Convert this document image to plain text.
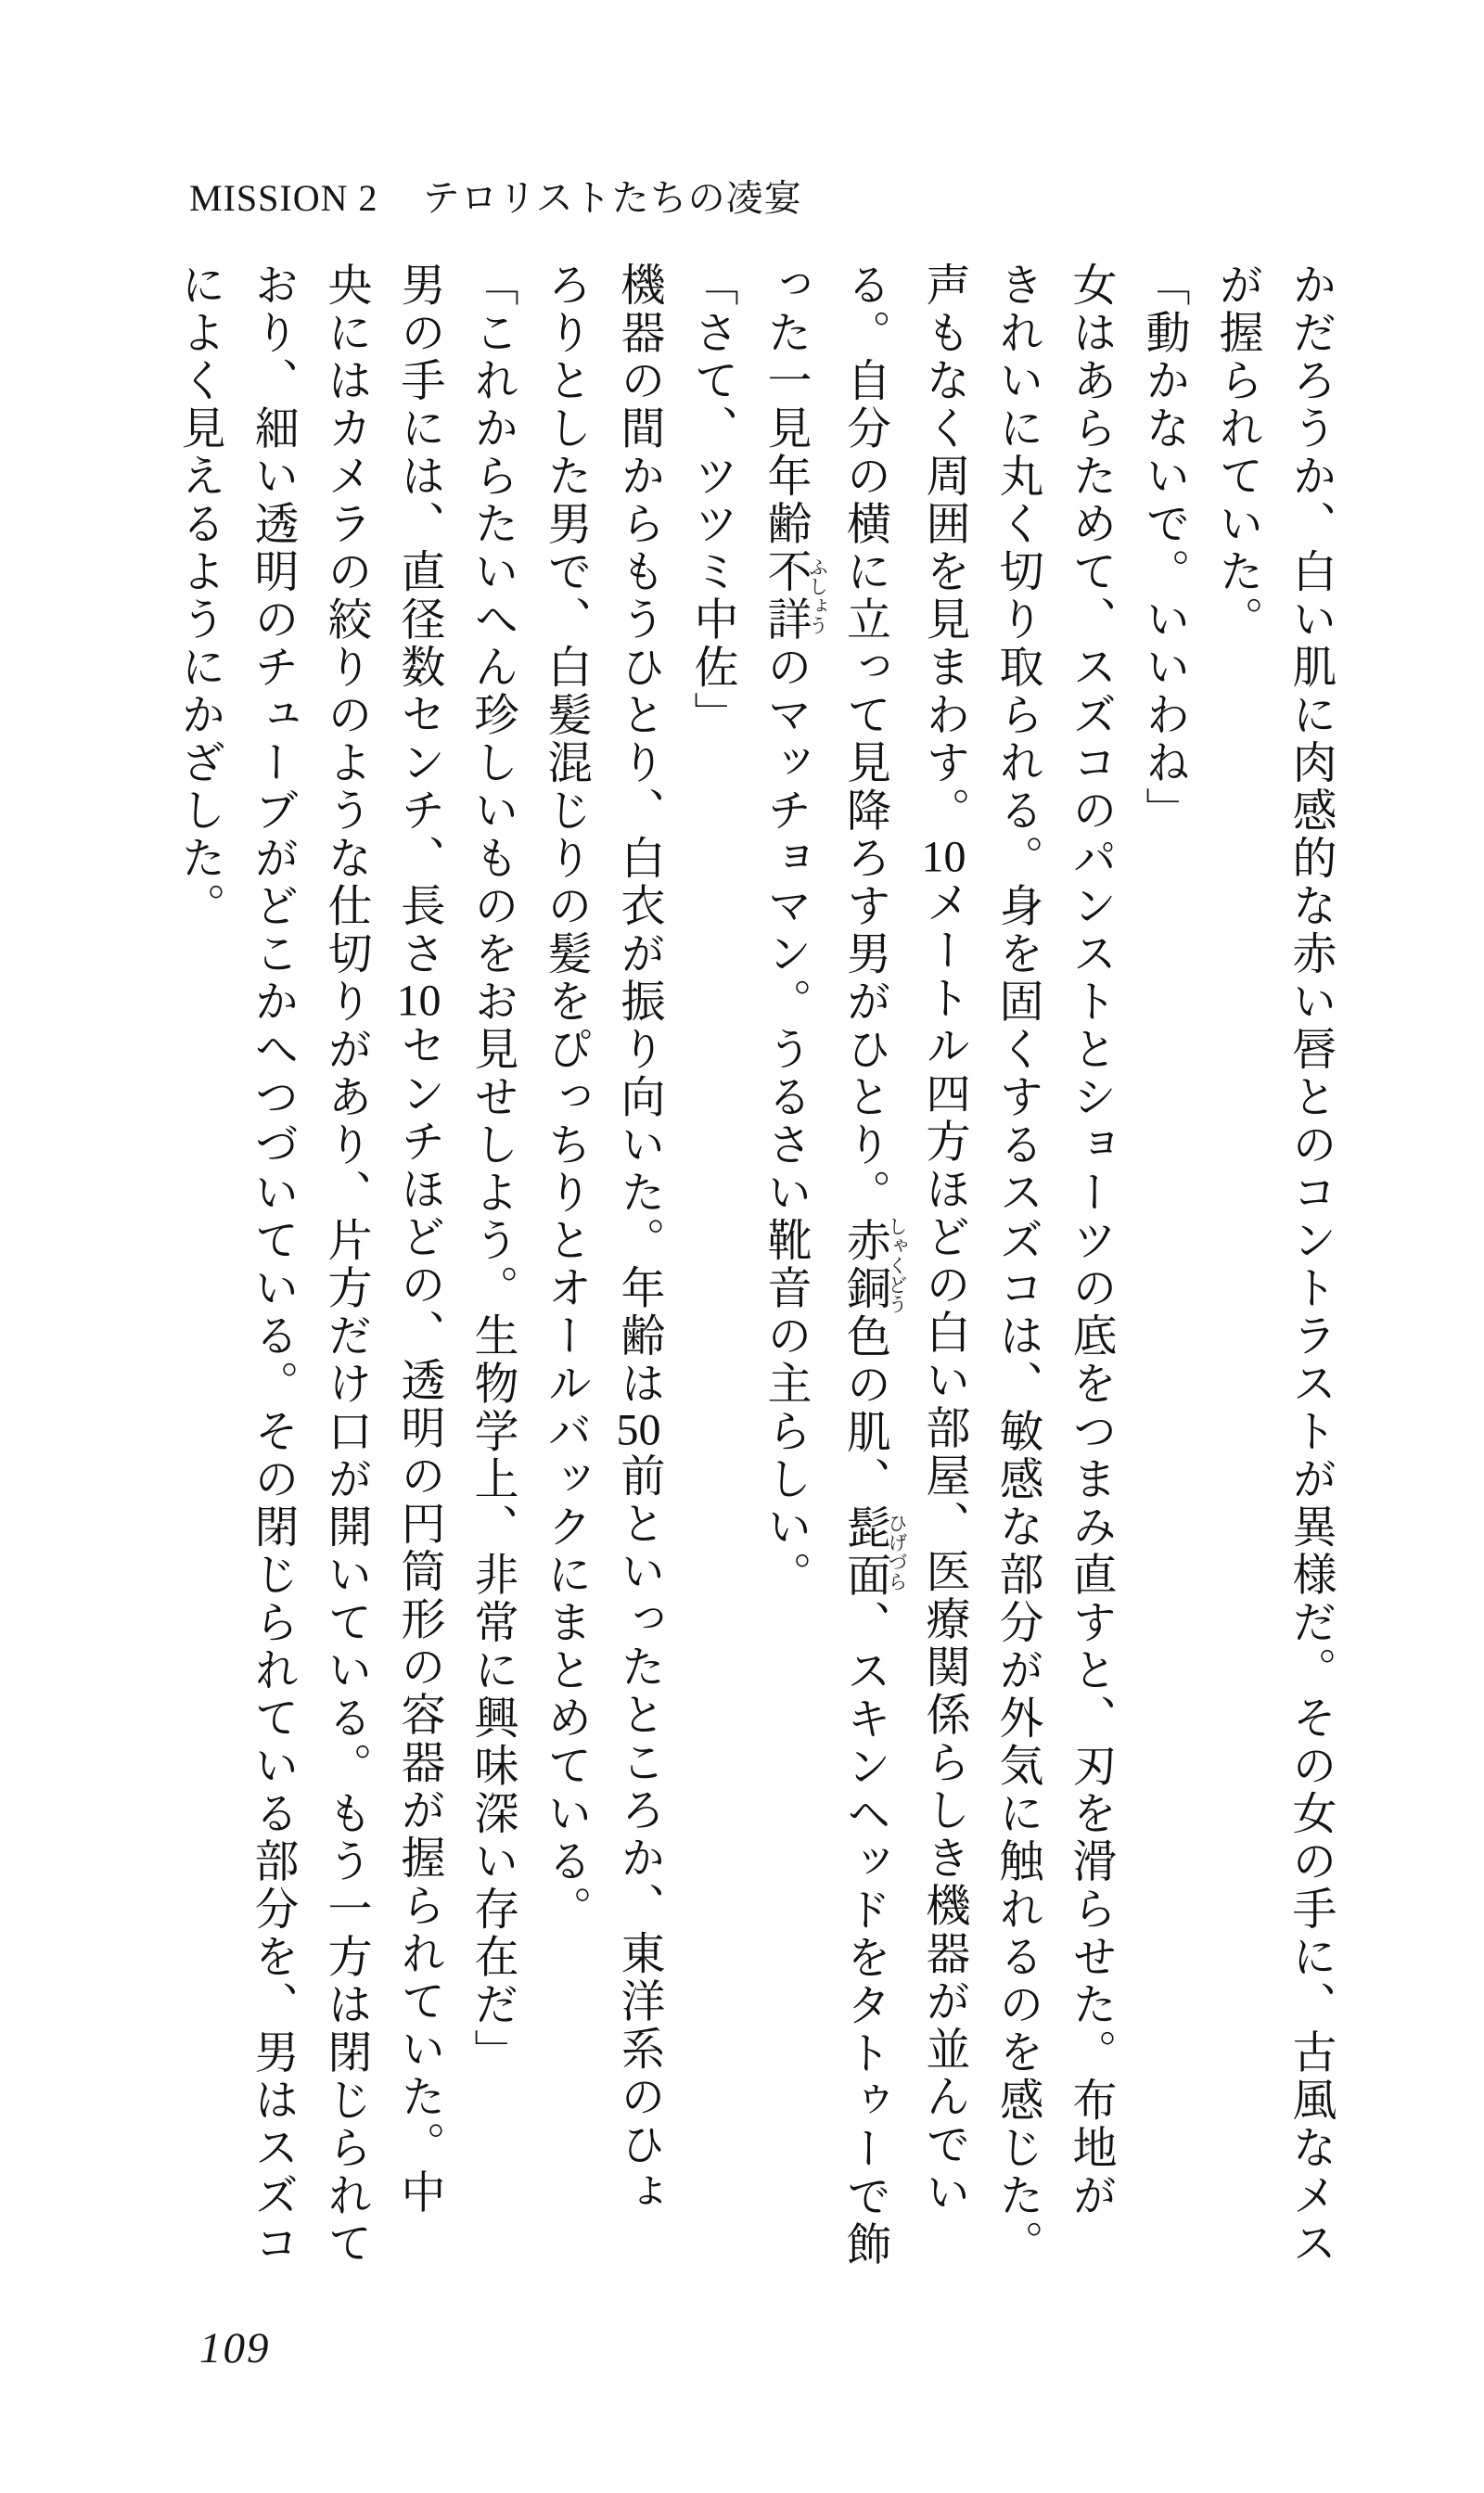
MISSION 2 テロリストたちの凌宴

かだろうか、白い肌に肉感的な赤い唇とのコントラストが異様だ。その女の手に、古風なメス
が握られていた。

「動かないで。いいわね」

女はあらためて、スズコのパンストとショーツの底をつまみ直すと、刃を滑らせた。布地が
きれいに丸く切り取られる。身を固くするスズコは、敏感な部分が外気に触れるのを感じた。
声もなく周囲を見まわす。10メートル四方ほどの白い部屋、医療関係らしき機器が並んでい
る。自分の横に立って見降ろす男がひとり。赤銅しゃくどう色の肌、髭面ひげづら、スキンヘッドをタトゥーで飾
った一見年齢不詳ふしょうのマッチョマン。うるさい靴音の主らしい。

「さて、ツツミ中佐」

機器の間からもうひとり、白衣が振り向いた。年齢は50前といったところか、東洋系のひょ
ろりとした男で、白髪混じりの髪をぴっちりとオールバックにまとめている。

「これからたいへん珍しいものをお見せしよう。生物学上、非常に興味深い存在だ」

男の手には、直径数センチ、長さ10センチほどの、透明の円筒形の容器が握られていた。中
央にはカメラの絞りのような仕切りがあり、片方だけ口が開いている。もう一方は閉じられて
おり、細い透明のチューブがどこかへつづいている。その閉じられている部分を、男はスズコ
によく見えるようにかざした。

109
